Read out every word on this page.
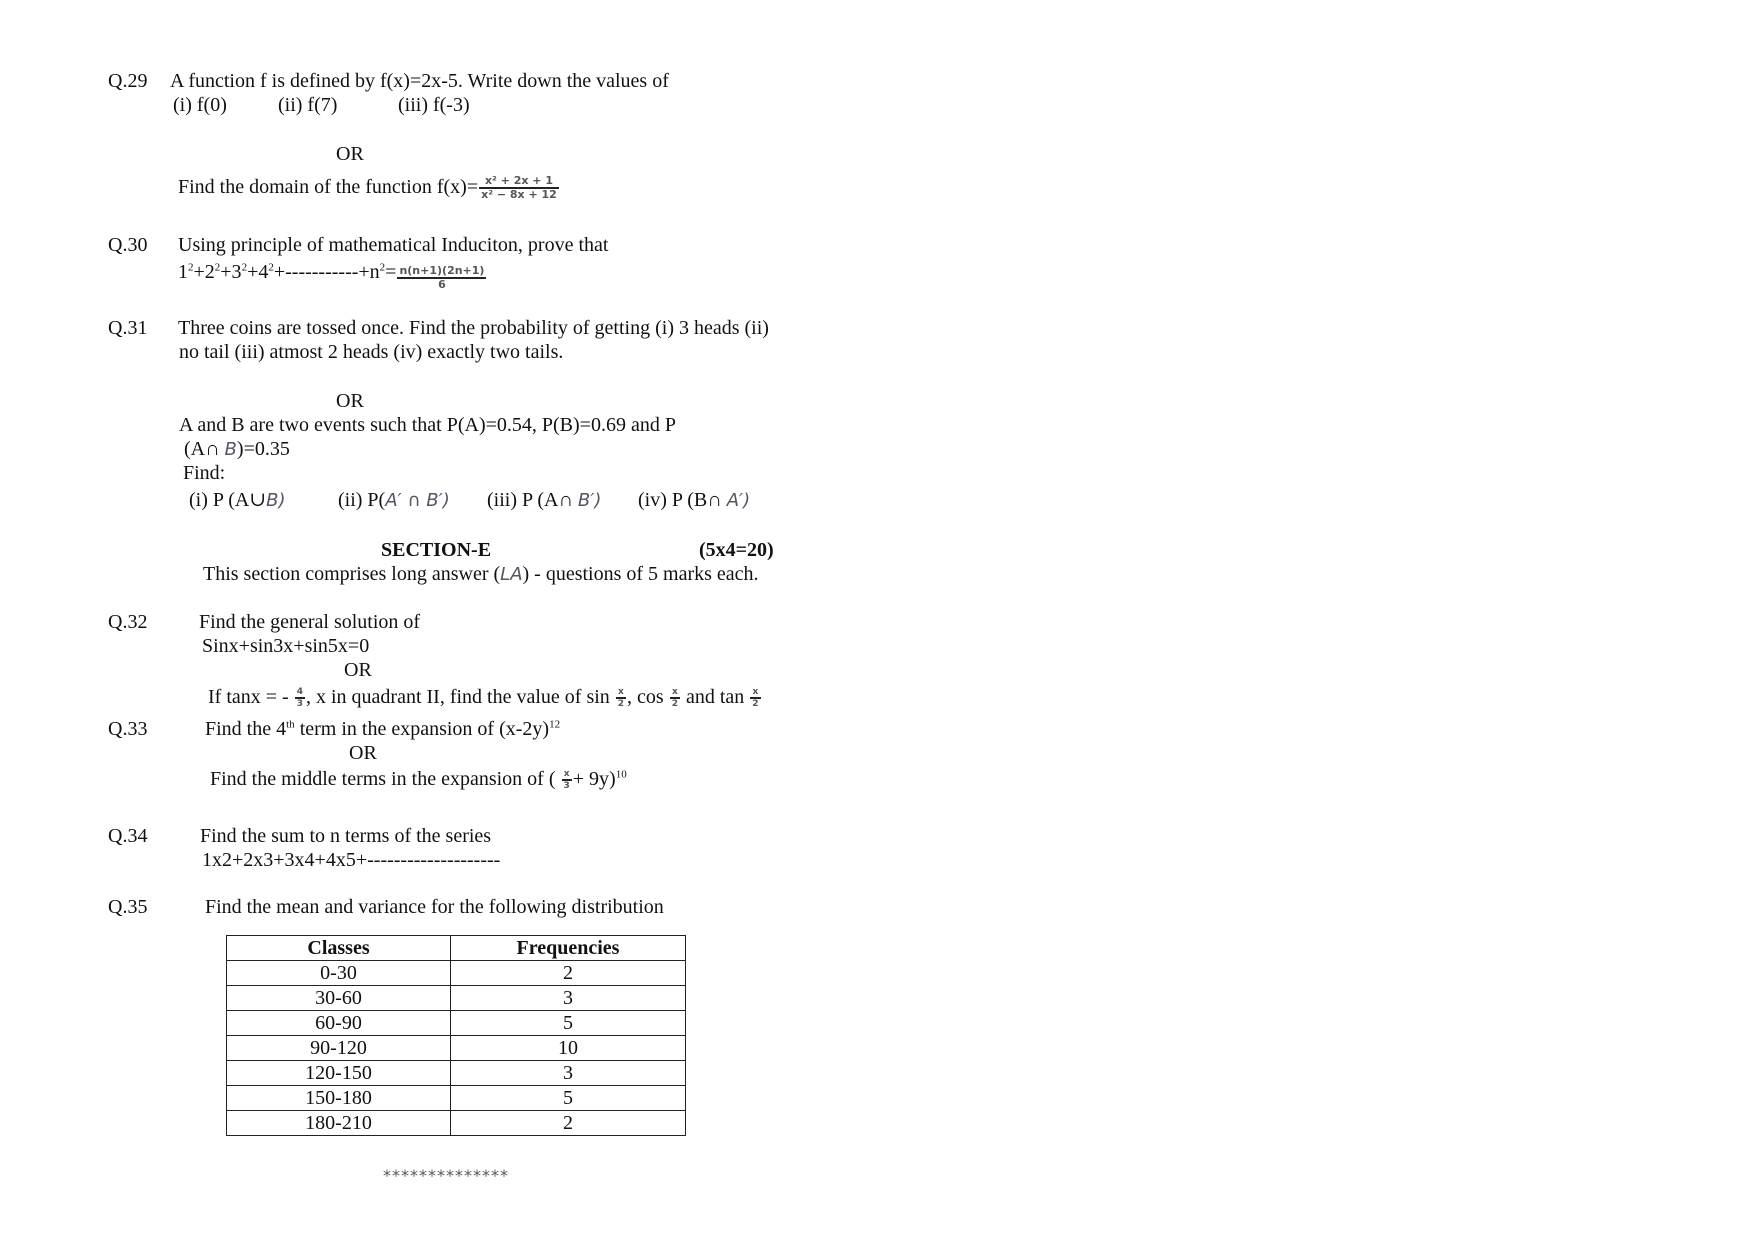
Q.29 A function f is defined by f(x)=2x-5. Write down the values of
(i) f(0)	(ii) f(7)	(iii) f(-3)
OR
Find the domain of the function $f(x)= \frac{\text{x² + 2x + 1}}{\text{x² − 8x + 12}}$
Q.30 Using principle of mathematical Induciton, prove that
$1^2+2^2+3^2+4^2+-----------+n^2= \frac{n(n+1)(2n+1)}{6}$
Q.31 Three coins are tossed once. Find the probability of getting (i) 3 heads (ii)
no tail (iii) atmost 2 heads (iv) exactly two tails.
OR
A and B are two events such that P(A)=0.54, P(B)=0.69 and P
(A∩ B)=0.35
Find:
(i) P (A∪B)	(ii) P(A′ ∩ B′) (iii) P (A∩ B′) (iv) P (B∩ A′)
SECTION-E	(5x4=20)
This section comprises long answer (LA) - questions of 5 marks each.
Q.32	Find the general solution of
Sinx+sin3x+sin5x=0
OR
If tanx = - $\frac{4}{3}$ , x in quadrant II, find the value of $\sin \frac{x}{2}$ , $\cos \frac{x}{2}$ and $\tan \frac{x}{2}$
Q.33	Find the 4th term in the expansion of $(x-2y)^{12}$
OR
Find the middle terms in the expansion of ( $\frac{x}{3} + 9y)^{10}$
Q.34	Find the sum to n terms of the series
1x2+2x3+3x4+4x5+--------------------
Q.35	Find the mean and variance for the following distribution
Classes	Frequencies
0-30	2
30-60	3
60-90	5
90-120	10
120-150	3
150-180	5
180-210	2
**************
